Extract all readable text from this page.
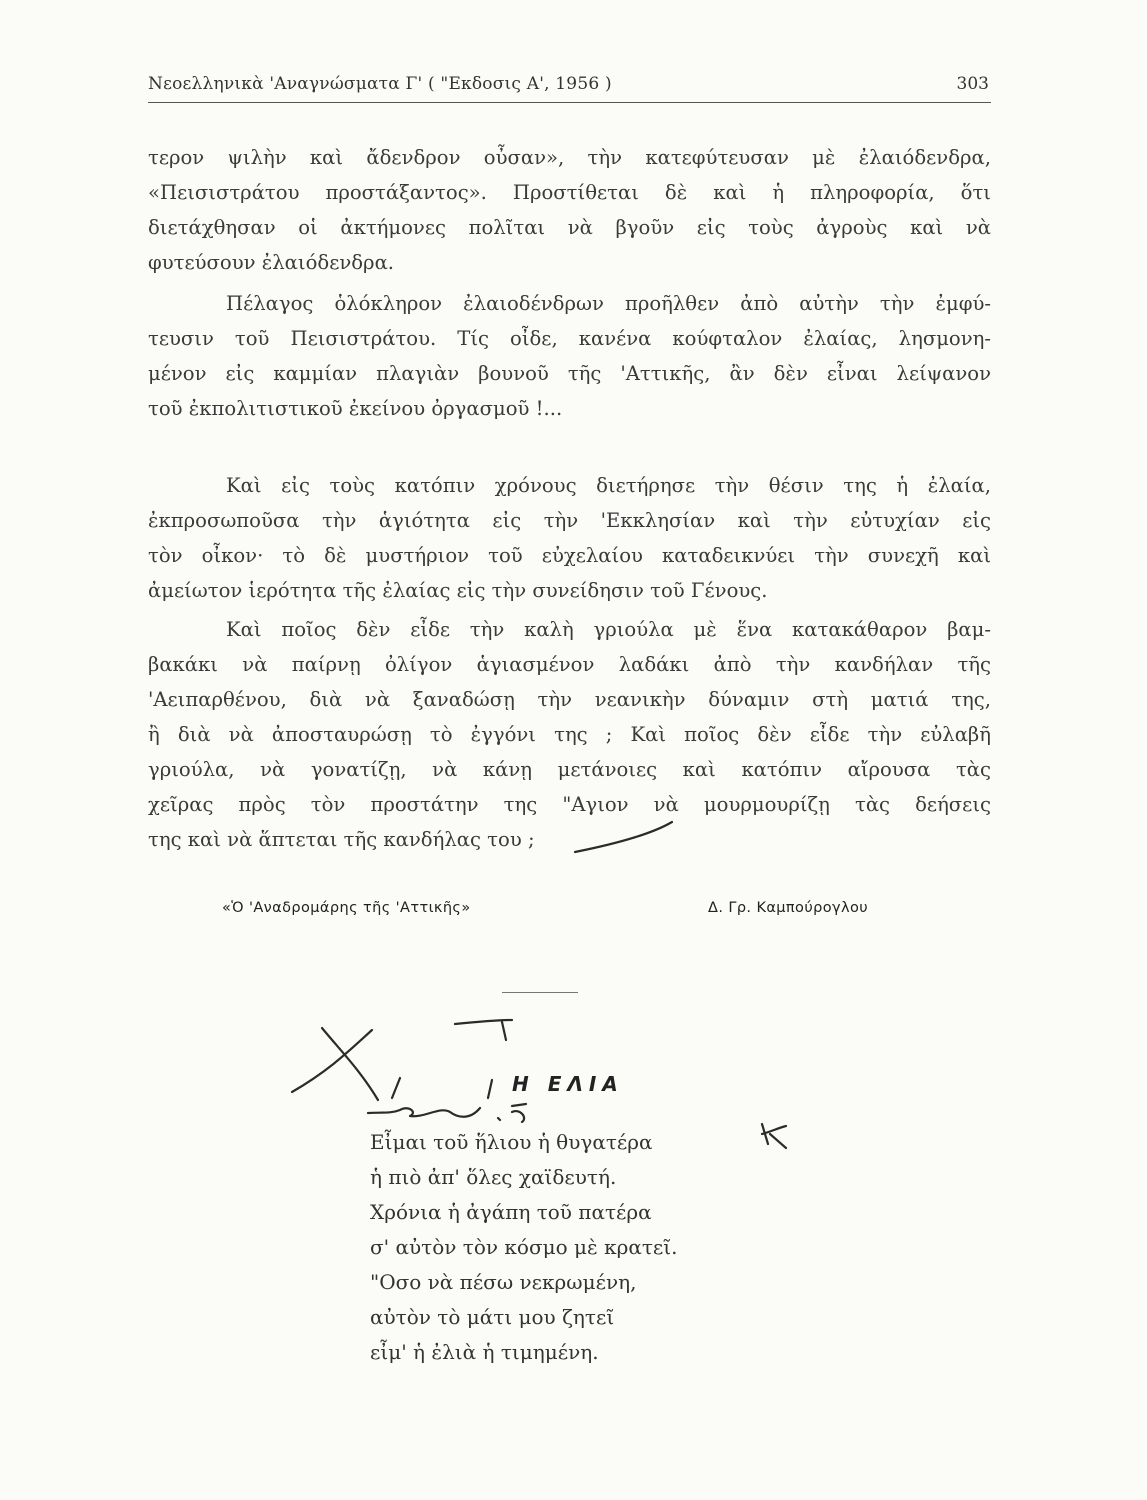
Νεοελληνικὰ 'Αναγνώσματα Γ' ( "Εκδοσις Α', 1956 )	303
τερον ψιλὴν καὶ ἄδενδρον οὖσαν», τὴν κατεφύτευσαν μὲ ἐλαιόδενδρα,
«Πεισιστράτου προστάξαντος». Προστίθεται δὲ καὶ ἡ πληροφορία, ὅτι
διετάχθησαν οἱ ἀκτήμονες πολῖται νὰ βγοῦν εἰς τοὺς ἀγροὺς καὶ νὰ
φυτεύσουν ἐλαιόδενδρα.
Πέλαγος ὁλόκληρον ἐλαιοδένδρων προῆλθεν ἀπὸ αὐτὴν τὴν ἐμφύ-
τευσιν τοῦ Πεισιστράτου. Τίς οἶδε, κανένα κούφταλον ἐλαίας, λησμονη-
μένον εἰς καμμίαν πλαγιὰν βουνοῦ τῆς 'Αττικῆς, ἂν δὲν εἶναι λείψανον
τοῦ ἐκπολιτιστικοῦ ἐκείνου ὀργασμοῦ !...
Καὶ εἰς τοὺς κατόπιν χρόνους διετήρησε τὴν θέσιν της ἡ ἐλαία,
ἐκπροσωποῦσα τὴν ἁγιότητα εἰς τὴν 'Εκκλησίαν καὶ τὴν εὐτυχίαν εἰς
τὸν οἶκον· τὸ δὲ μυστήριον τοῦ εὐχελαίου καταδεικνύει τὴν συνεχῆ καὶ
ἀμείωτον ἱερότητα τῆς ἐλαίας εἰς τὴν συνείδησιν τοῦ Γένους.
Καὶ ποῖος δὲν εἶδε τὴν καλὴ γριούλα μὲ ἕνα κατακάθαρον βαμ-
βακάκι νὰ παίρνῃ ὀλίγον ἁγιασμένον λαδάκι ἀπὸ τὴν κανδήλαν τῆς
'Αειπαρθένου, διὰ νὰ ξαναδώσῃ τὴν νεανικὴν δύναμιν στὴ ματιά της,
ἢ διὰ νὰ ἀποσταυρώσῃ τὸ ἐγγόνι της ; Καὶ ποῖος δὲν εἶδε τὴν εὐλαβῆ
γριούλα, νὰ γονατίζῃ, νὰ κάνῃ μετάνοιες καὶ κατόπιν αἴρουσα τὰς
χεῖρας πρὸς τὸν προστάτην της "Αγιον νὰ μουρμουρίζῃ τὰς δεήσεις
της καὶ νὰ ἅπτεται τῆς κανδήλας του ;
«Ὁ 'Αναδρομάρης τῆς 'Αττικῆς»	Δ. Γρ. Καμπούρογλου
Η ΕΛΙΑ
Εἶμαι τοῦ ἥλιου ἡ θυγατέρα
ἡ πιὸ ἀπ' ὅλες χαϊδευτή.
Χρόνια ἡ ἀγάπη τοῦ πατέρα
σ' αὐτὸν τὸν κόσμο μὲ κρατεῖ.
"Οσο νὰ πέσω νεκρωμένη,
αὐτὸν τὸ μάτι μου ζητεῖ
εἶμ' ἡ ἐλιὰ ἡ τιμημένη.
